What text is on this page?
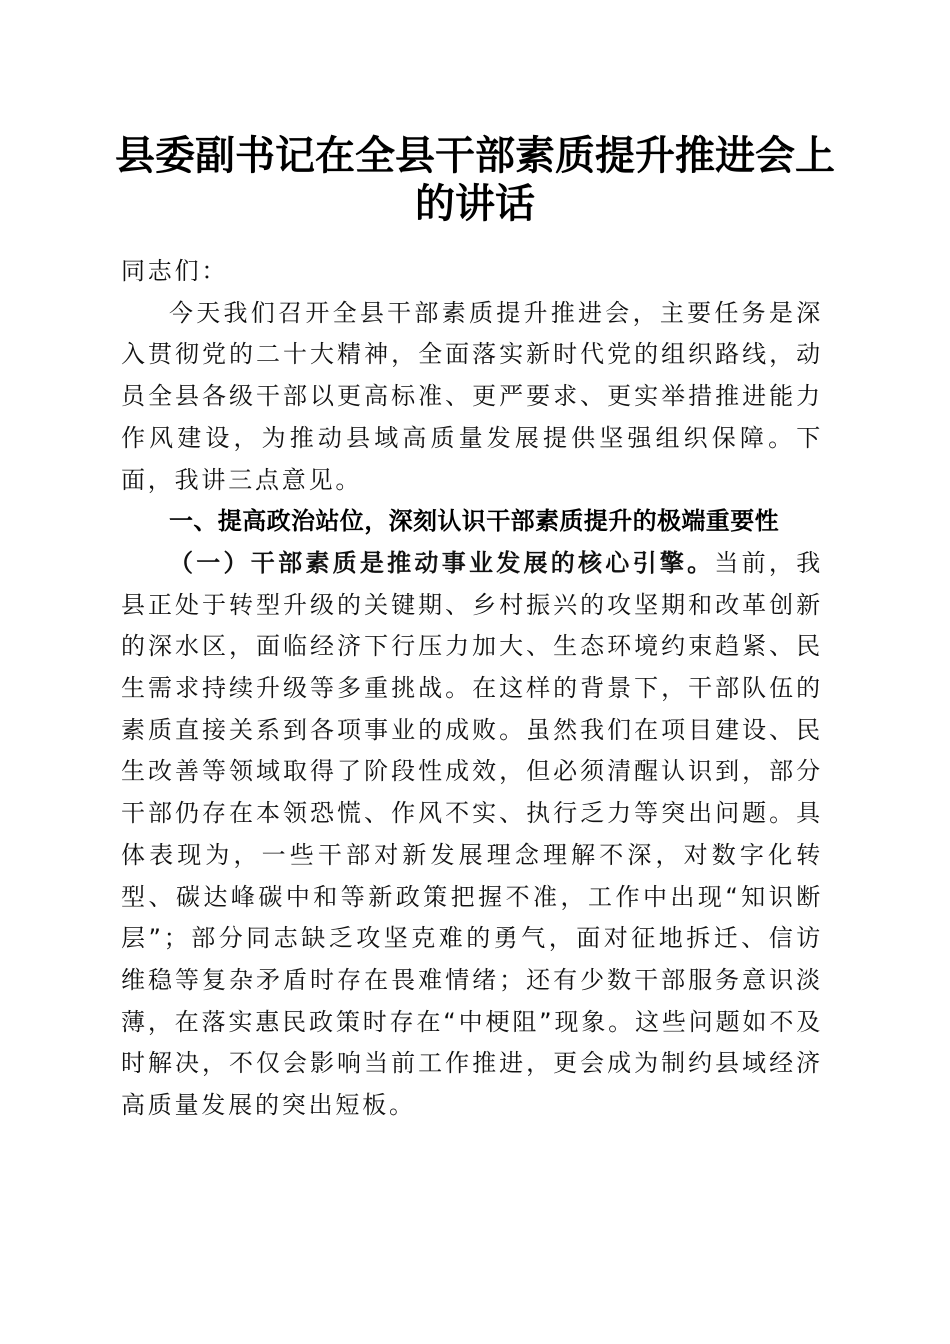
县委副书记在全县干部素质提升推进会上的讲话

同志们：

今天我们召开全县干部素质提升推进会，主要任务是深入贯彻党的二十大精神，全面落实新时代党的组织路线，动员全县各级干部以更高标准、更严要求、更实举措推进能力作风建设，为推动县域高质量发展提供坚强组织保障。下面，我讲三点意见。

一、提高政治站位，深刻认识干部素质提升的极端重要性

（一）干部素质是推动事业发展的核心引擎。当前，我县正处于转型升级的关键期、乡村振兴的攻坚期和改革创新的深水区，面临经济下行压力加大、生态环境约束趋紧、民生需求持续升级等多重挑战。在这样的背景下，干部队伍的素质直接关系到各项事业的成败。虽然我们在项目建设、民生改善等领域取得了阶段性成效，但必须清醒认识到，部分干部仍存在本领恐慌、作风不实、执行乏力等突出问题。具体表现为，一些干部对新发展理念理解不深，对数字化转型、碳达峰碳中和等新政策把握不准，工作中出现“知识断层”；部分同志缺乏攻坚克难的勇气，面对征地拆迁、信访维稳等复杂矛盾时存在畏难情绪；还有少数干部服务意识淡薄，在落实惠民政策时存在“中梗阻”现象。这些问题如不及时解决，不仅会影响当前工作推进，更会成为制约县域经济高质量发展的突出短板。
